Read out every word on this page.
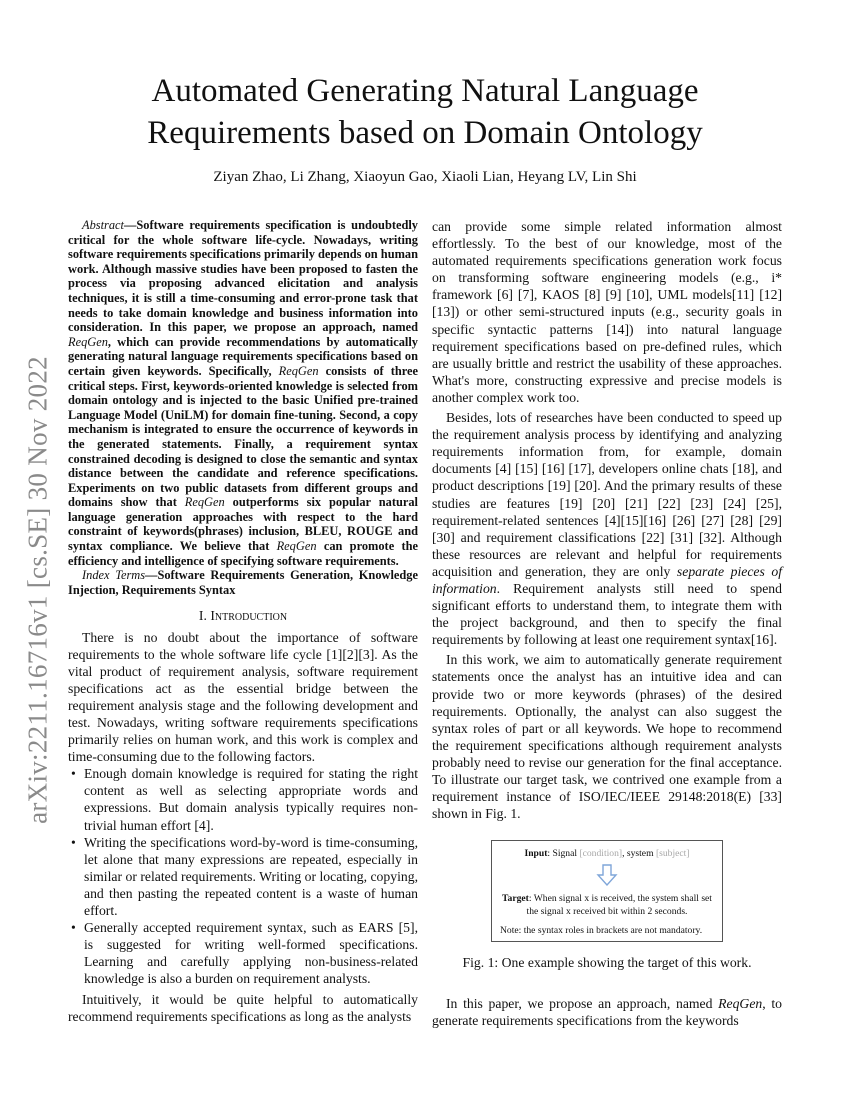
arXiv:2211.16716v1 [cs.SE] 30 Nov 2022
Automated Generating Natural Language Requirements based on Domain Ontology
Ziyan Zhao, Li Zhang, Xiaoyun Gao, Xiaoli Lian, Heyang LV, Lin Shi

Abstract—Software requirements specification is undoubtedly critical for the whole software life-cycle. Nowadays, writing software requirements specifications primarily depends on human work. Although massive studies have been proposed to fasten the process via proposing advanced elicitation and analysis techniques, it is still a time-consuming and error-prone task that needs to take domain knowledge and business information into consideration. In this paper, we propose an approach, named ReqGen, which can provide recommendations by automatically generating natural language requirements specifications based on certain given keywords. Specifically, ReqGen consists of three critical steps. First, keywords-oriented knowledge is selected from domain ontology and is injected to the basic Unified pre-trained Language Model (UniLM) for domain fine-tuning. Second, a copy mechanism is integrated to ensure the occurrence of keywords in the generated statements. Finally, a requirement syntax constrained decoding is designed to close the semantic and syntax distance between the candidate and reference specifications. Experiments on two public datasets from different groups and domains show that ReqGen outperforms six popular natural language generation approaches with respect to the hard constraint of keywords(phrases) inclusion, BLEU, ROUGE and syntax compliance. We believe that ReqGen can promote the efficiency and intelligence of specifying software requirements.

Index Terms—Software Requirements Generation, Knowledge Injection, Requirements Syntax

I. Introduction

There is no doubt about the importance of software requirements to the whole software life cycle [1][2][3]. As the vital product of requirement analysis, software requirement specifications act as the essential bridge between the requirement analysis stage and the following development and test. Nowadays, writing software requirements specifications primarily relies on human work, and this work is complex and time-consuming due to the following factors.

• Enough domain knowledge is required for stating the right content as well as selecting appropriate words and expressions. But domain analysis typically requires non-trivial human effort [4].
• Writing the specifications word-by-word is time-consuming, let alone that many expressions are repeated, especially in similar or related requirements. Writing or locating, copying, and then pasting the repeated content is a waste of human effort.
• Generally accepted requirement syntax, such as EARS [5], is suggested for writing well-formed specifications. Learning and carefully applying non-business-related knowledge is also a burden on requirement analysts.

Intuitively, it would be quite helpful to automatically recommend requirements specifications as long as the analysts

can provide some simple related information almost effortlessly. To the best of our knowledge, most of the automated requirements specifications generation work focus on transforming software engineering models (e.g., i* framework [6] [7], KAOS [8] [9] [10], UML models[11] [12] [13]) or other semi-structured inputs (e.g., security goals in specific syntactic patterns [14]) into natural language requirement specifications based on pre-defined rules, which are usually brittle and restrict the usability of these approaches. What's more, constructing expressive and precise models is another complex work too.

Besides, lots of researches have been conducted to speed up the requirement analysis process by identifying and analyzing requirements information from, for example, domain documents [4] [15] [16] [17], developers online chats [18], and product descriptions [19] [20]. And the primary results of these studies are features [19] [20] [21] [22] [23] [24] [25], requirement-related sentences [4][15][16] [26] [27] [28] [29] [30] and requirement classifications [22] [31] [32]. Although these resources are relevant and helpful for requirements acquisition and generation, they are only separate pieces of information. Requirement analysts still need to spend significant efforts to understand them, to integrate them with the project background, and then to specify the final requirements by following at least one requirement syntax[16].

In this work, we aim to automatically generate requirement statements once the analyst has an intuitive idea and can provide two or more keywords (phrases) of the desired requirements. Optionally, the analyst can also suggest the syntax roles of part or all keywords. We hope to recommend the requirement specifications although requirement analysts probably need to revise our generation for the final acceptance. To illustrate our target task, we contrived one example from a requirement instance of ISO/IEC/IEEE 29148:2018(E) [33] shown in Fig. 1.

Input: Signal [condition], system [subject]
Target: When signal x is received, the system shall set the signal x received bit within 2 seconds.
Note: the syntax roles in brackets are not mandatory.
Fig. 1: One example showing the target of this work.

In this paper, we propose an approach, named ReqGen, to generate requirements specifications from the keywords
